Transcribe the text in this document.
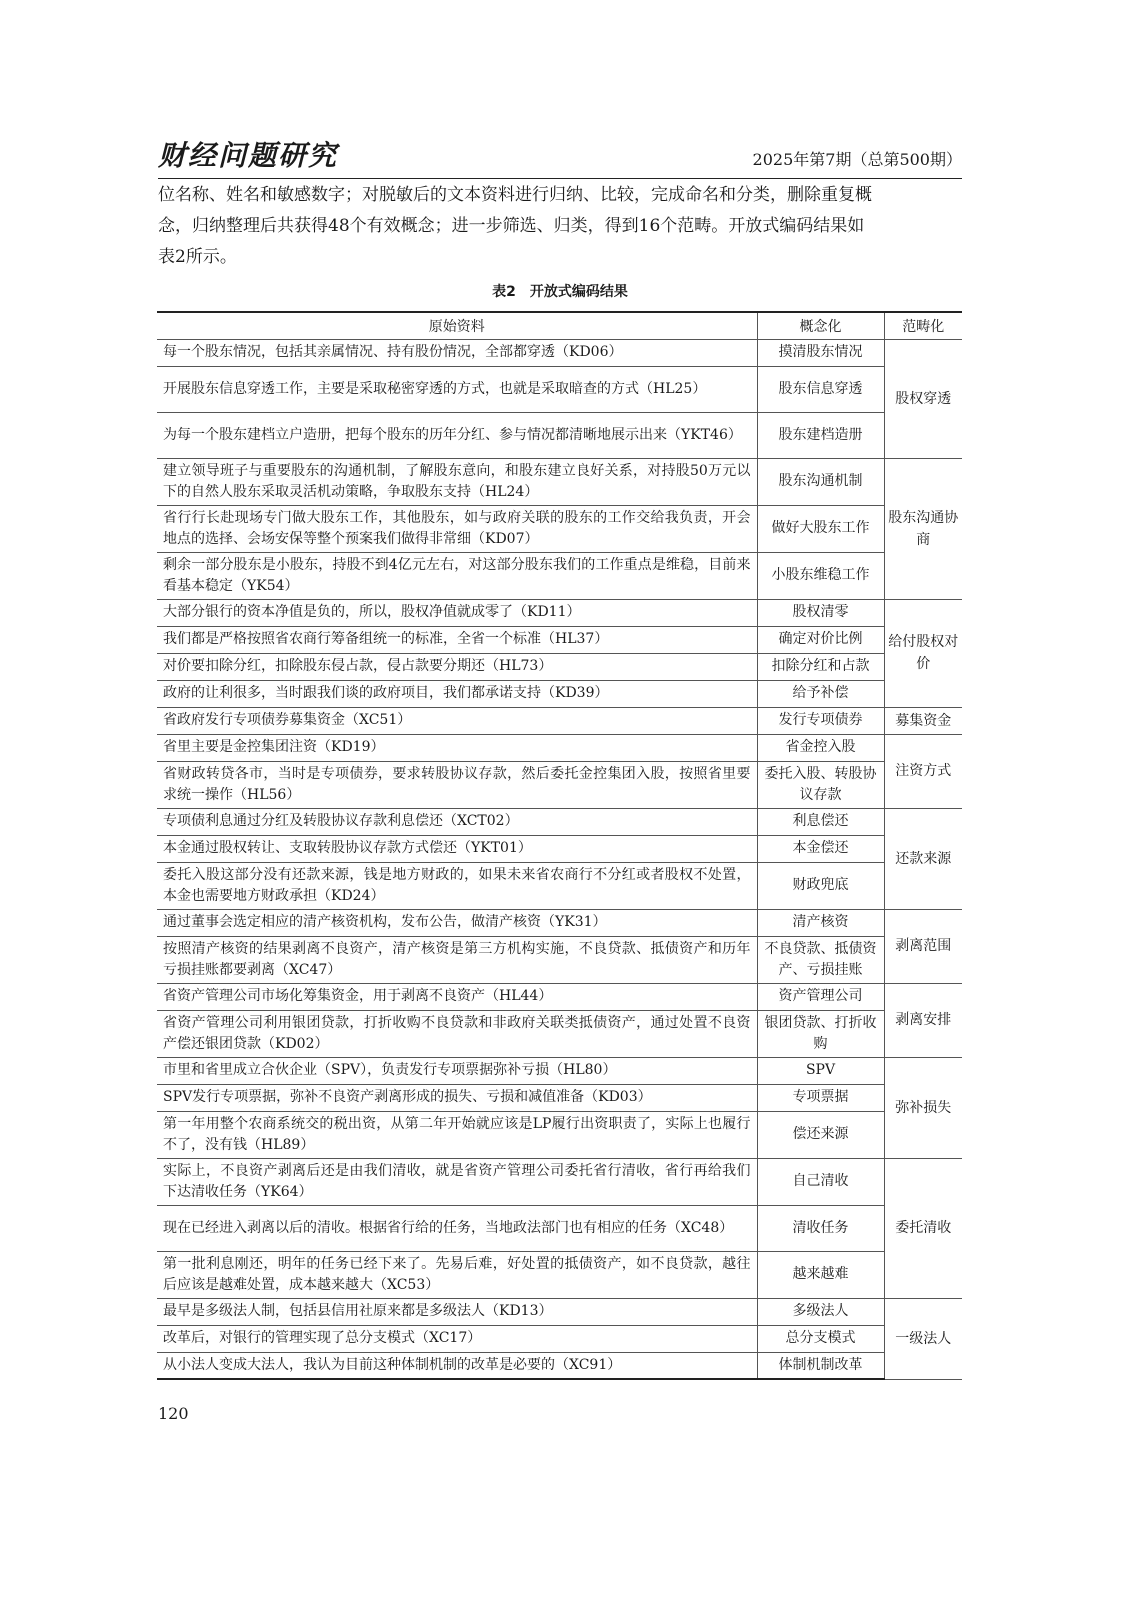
财经问题研究	2025年第7期（总第500期）
位名称、姓名和敏感数字；对脱敏后的文本资料进行归纳、比较，完成命名和分类，删除重复概
念，归纳整理后共获得48个有效概念；进一步筛选、归类，得到16个范畴。开放式编码结果如
表2所示。
表2 开放式编码结果
原始资料	概念化	范畴化
每一个股东情况，包括其亲属情况、持有股份情况，全部都穿透（KD06）	摸清股东情况	股权穿透
开展股东信息穿透工作，主要是采取秘密穿透的方式，也就是采取暗查的方式（HL25）	股东信息穿透	
为每一个股东建档立户造册，把每个股东的历年分红、参与情况都清晰地展示出来（YKT46）	股东建档造册	
建立领导班子与重要股东的沟通机制，了解股东意向，和股东建立良好关系，对持股50万元以下的自然人股东采取灵活机动策略，争取股东支持（HL24）	股东沟通机制	股东沟通协商
省行行长赴现场专门做大股东工作，其他股东，如与政府关联的股东的工作交给我负责，开会地点的选择、会场安保等整个预案我们做得非常细（KD07）	做好大股东工作	
剩余一部分股东是小股东，持股不到4亿元左右，对这部分股东我们的工作重点是维稳，目前来看基本稳定（YK54）	小股东维稳工作	
大部分银行的资本净值是负的，所以，股权净值就成零了（KD11）	股权清零	给付股权对价
我们都是严格按照省农商行筹备组统一的标准，全省一个标准（HL37）	确定对价比例	
对价要扣除分红，扣除股东侵占款，侵占款要分期还（HL73）	扣除分红和占款	
政府的让利很多，当时跟我们谈的政府项目，我们都承诺支持（KD39）	给予补偿	
省政府发行专项债券募集资金（XC51）	发行专项债券	募集资金
省里主要是金控集团注资（KD19）	省金控入股	注资方式
省财政转贷各市，当时是专项债券，要求转股协议存款，然后委托金控集团入股，按照省里要求统一操作（HL56）	委托入股、转股协议存款	
专项债利息通过分红及转股协议存款利息偿还（XCT02）	利息偿还	还款来源
本金通过股权转让、支取转股协议存款方式偿还（YKT01）	本金偿还	
委托入股这部分没有还款来源，钱是地方财政的，如果未来省农商行不分红或者股权不处置，本金也需要地方财政承担（KD24）	财政兜底	
通过董事会选定相应的清产核资机构，发布公告，做清产核资（YK31）	清产核资	剥离范围
按照清产核资的结果剥离不良资产，清产核资是第三方机构实施，不良贷款、抵债资产和历年亏损挂账都要剥离（XC47）	不良贷款、抵债资产、亏损挂账	
省资产管理公司市场化筹集资金，用于剥离不良资产（HL44）	资产管理公司	剥离安排
省资产管理公司利用银团贷款，打折收购不良贷款和非政府关联类抵债资产，通过处置不良资产偿还银团贷款（KD02）	银团贷款、打折收购	
市里和省里成立合伙企业（SPV），负责发行专项票据弥补亏损（HL80）	SPV	弥补损失
SPV发行专项票据，弥补不良资产剥离形成的损失、亏损和减值准备（KD03）	专项票据	
第一年用整个农商系统交的税出资，从第二年开始就应该是LP履行出资职责了，实际上也履行不了，没有钱（HL89）	偿还来源	
实际上，不良资产剥离后还是由我们清收，就是省资产管理公司委托省行清收，省行再给我们下达清收任务（YK64）	自己清收	委托清收
现在已经进入剥离以后的清收。根据省行给的任务，当地政法部门也有相应的任务（XC48）	清收任务	
第一批利息刚还，明年的任务已经下来了。先易后难，好处置的抵债资产，如不良贷款，越往后应该是越难处置，成本越来越大（XC53）	越来越难	
最早是多级法人制，包括县信用社原来都是多级法人（KD13）	多级法人	一级法人
改革后，对银行的管理实现了总分支模式（XC17）	总分支模式	
从小法人变成大法人，我认为目前这种体制机制的改革是必要的（XC91）	体制机制改革	
120
